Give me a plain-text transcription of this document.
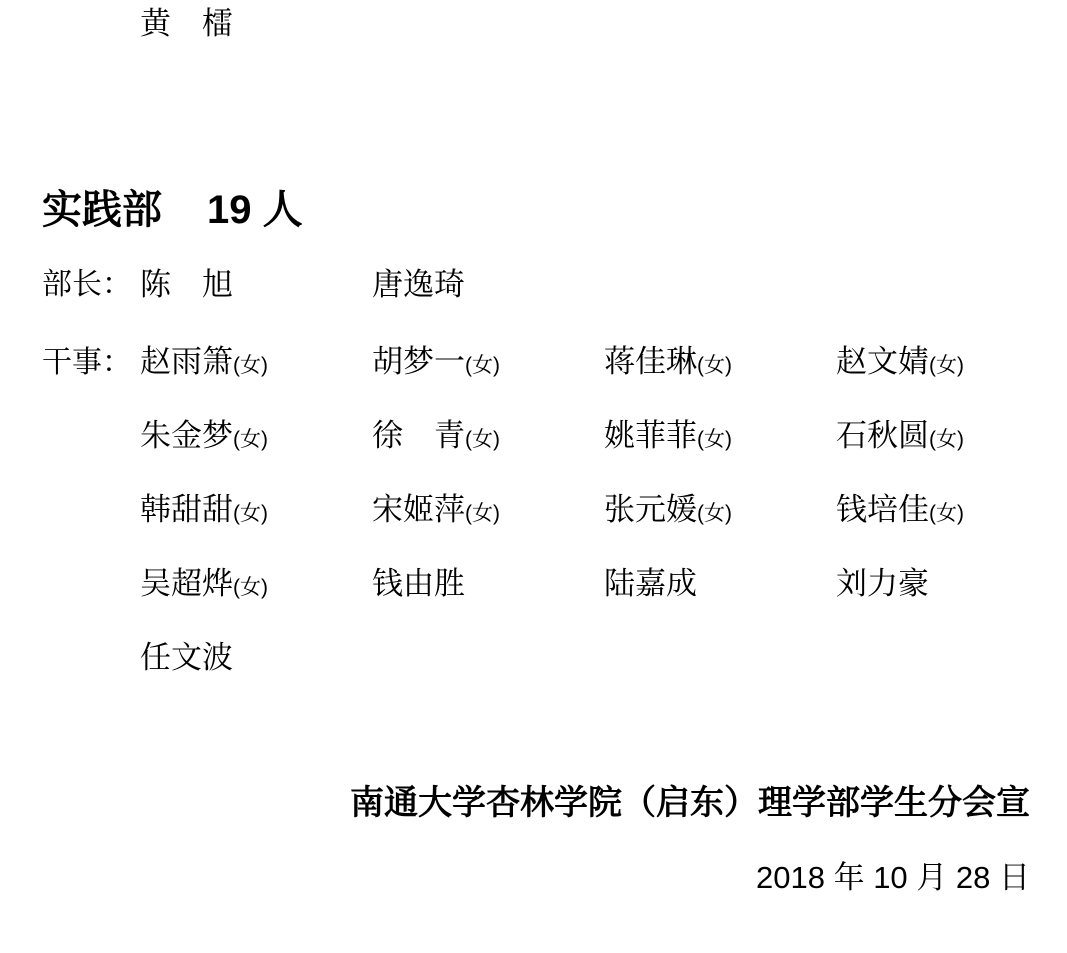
黄　檑
实践部 19 人
部长： 陈　旭	唐逸琦
干事： 赵雨箫(女)	胡梦一(女)	蒋佳琳(女)	赵文婧(女)
朱金梦(女)	徐　青(女)	姚菲菲(女)	石秋圆(女)
韩甜甜(女)	宋姬萍(女)	张元媛(女)	钱培佳(女)
吴超烨(女)	钱由胜	陆嘉成	刘力豪
任文波
南通大学杏林学院（启东）理学部学生分会宣
2018 年 10 月 28 日
